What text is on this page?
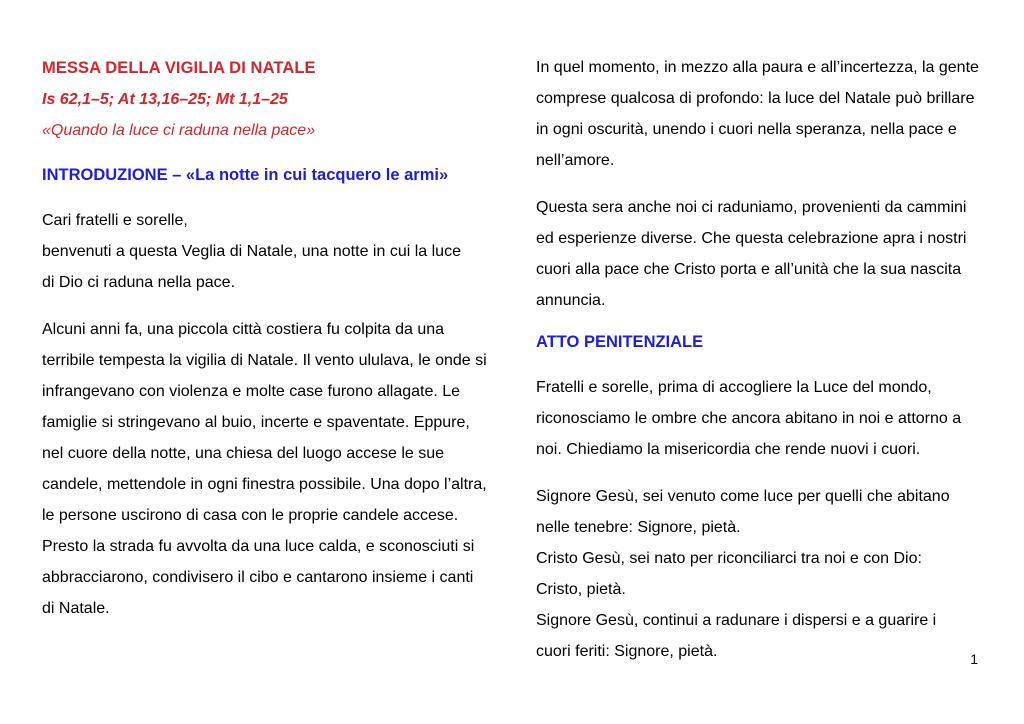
MESSA DELLA VIGILIA DI NATALE
Is 62,1–5; At 13,16–25; Mt 1,1–25
«Quando la luce ci raduna nella pace»
INTRODUZIONE – «La notte in cui tacquero le armi»

Cari fratelli e sorelle,
benvenuti a questa Veglia di Natale, una notte in cui la luce
di Dio ci raduna nella pace.

Alcuni anni fa, una piccola città costiera fu colpita da una terribile tempesta la vigilia di Natale. Il vento ululava, le onde si infrangevano con violenza e molte case furono allagate. Le famiglie si stringevano al buio, incerte e spaventate. Eppure, nel cuore della notte, una chiesa del luogo accese le sue candele, mettendole in ogni finestra possibile. Una dopo l’altra, le persone uscirono di casa con le proprie candele accese. Presto la strada fu avvolta da una luce calda, e sconosciuti si abbracciarono, condivisero il cibo e cantarono insieme i canti di Natale.

In quel momento, in mezzo alla paura e all’incertezza, la gente comprese qualcosa di profondo: la luce del Natale può brillare in ogni oscurità, unendo i cuori nella speranza, nella pace e nell’amore.

Questa sera anche noi ci raduniamo, provenienti da cammini ed esperienze diverse. Che questa celebrazione apra i nostri cuori alla pace che Cristo porta e all’unità che la sua nascita annuncia.

ATTO PENITENZIALE

Fratelli e sorelle, prima di accogliere la Luce del mondo, riconosciamo le ombre che ancora abitano in noi e attorno a noi. Chiediamo la misericordia che rende nuovi i cuori.

Signore Gesù, sei venuto come luce per quelli che abitano
nelle tenebre: Signore, pietà.
Cristo Gesù, sei nato per riconciliarci tra noi e con Dio:
Cristo, pietà.
Signore Gesù, continui a radunare i dispersi e a guarire i
cuori feriti: Signore, pietà.	1
